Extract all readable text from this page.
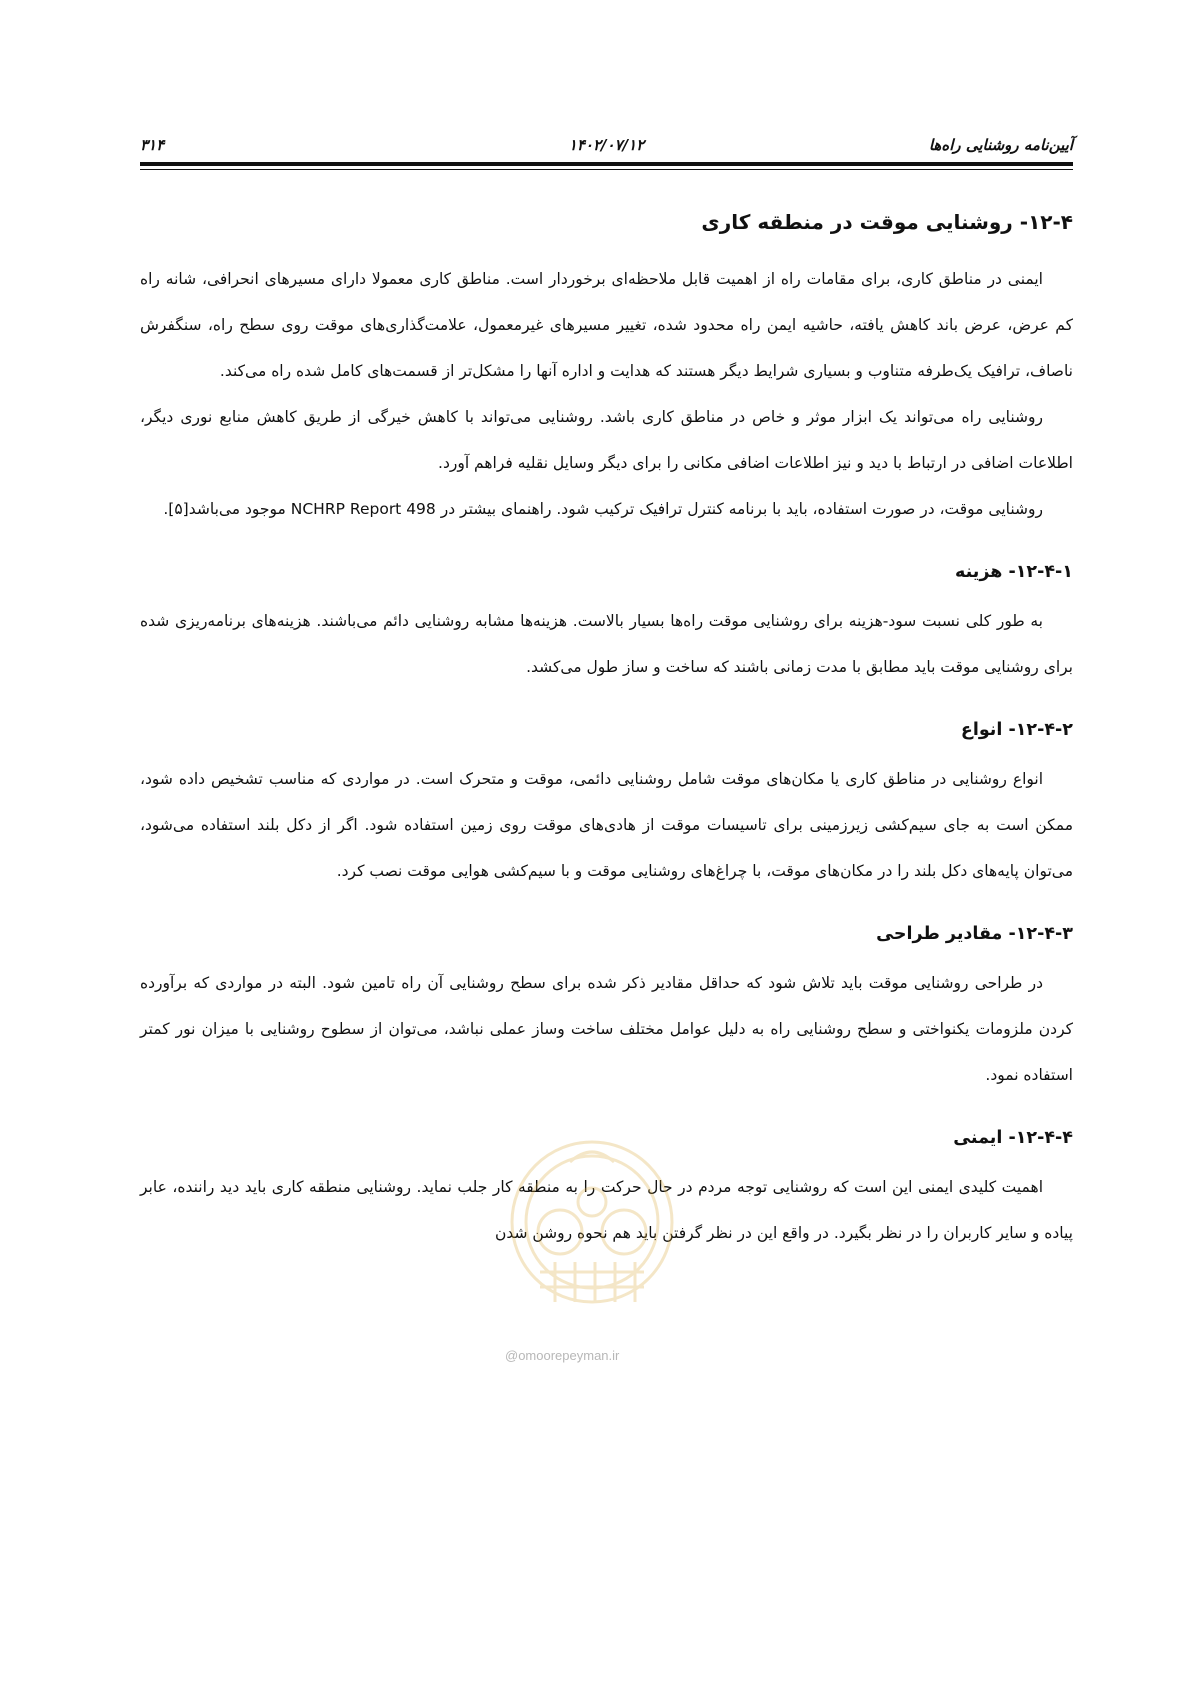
۳۱۴	۱۴۰۲/۰۷/۱۲	آیین‌نامه روشنایی راه‌ها
۱۲-۴- روشنایی موقت در منطقه کاری

ایمنی در مناطق کاری، برای مقامات راه از اهمیت قابل ملاحظه‌ای برخوردار است. مناطق کاری معمولا دارای مسیرهای انحرافی، شانه راه کم عرض، عرض باند کاهش یافته، حاشیه ایمن راه محدود شده، تغییر مسیرهای غیرمعمول، علامت‌گذاری‌های موقت روی سطح راه، سنگفرش ناصاف، ترافیک یک‌طرفه متناوب و بسیاری شرایط دیگر هستند که هدایت و اداره آنها را مشکل‌تر از قسمت‌های کامل شده راه می‌کند.

روشنایی راه می‌تواند یک ابزار موثر و خاص در مناطق کاری باشد. روشنایی می‌تواند با کاهش خیرگی از طریق کاهش منابع نوری دیگر، اطلاعات اضافی در ارتباط با دید و نیز اطلاعات اضافی مکانی را برای دیگر وسایل نقلیه فراهم آورد.

روشنایی موقت، در صورت استفاده، باید با برنامه کنترل ترافیک ترکیب شود. راهنمای بیشتر در NCHRP Report 498 موجود می‌باشد[۵].

۱۲-۴-۱- هزینه

به طور کلی نسبت سود-هزینه برای روشنایی موقت راه‌ها بسیار بالاست. هزینه‌ها مشابه روشنایی دائم می‌باشند. هزینه‌های برنامه‌ریزی شده برای روشنایی موقت باید مطابق با مدت زمانی باشند که ساخت و ساز طول می‌کشد.

۱۲-۴-۲- انواع

انواع روشنایی در مناطق کاری یا مکان‌های موقت شامل روشنایی دائمی، موقت و متحرک است. در مواردی که مناسب تشخیص داده شود، ممکن است به جای سیم‌کشی زیرزمینی برای تاسیسات موقت از هادی‌های موقت روی زمین استفاده شود. اگر از دکل بلند استفاده می‌شود، می‌توان پایه‌های دکل بلند را در مکان‌های موقت، با چراغ‌های روشنایی موقت و با سیم‌کشی هوایی موقت نصب کرد.

۱۲-۴-۳- مقادیر طراحی

در طراحی روشنایی موقت باید تلاش شود که حداقل مقادیر ذکر شده برای سطح روشنایی آن راه تامین شود. البته در مواردی که برآورده کردن ملزومات یکنواختی و سطح روشنایی راه به دلیل عوامل مختلف ساخت وساز عملی نباشد، می‌توان از سطوح روشنایی با میزان نور کمتر استفاده نمود.

۱۲-۴-۴- ایمنی

اهمیت کلیدی ایمنی این است که روشنایی توجه مردم در حال حرکت را به منطقه کار جلب نماید. روشنایی منطقه کاری باید دید راننده، عابر پیاده و سایر کاربران را در نظر بگیرد. در واقع این در نظر گرفتن باید هم نحوه روشن شدن

@omoorepeyman.ir
